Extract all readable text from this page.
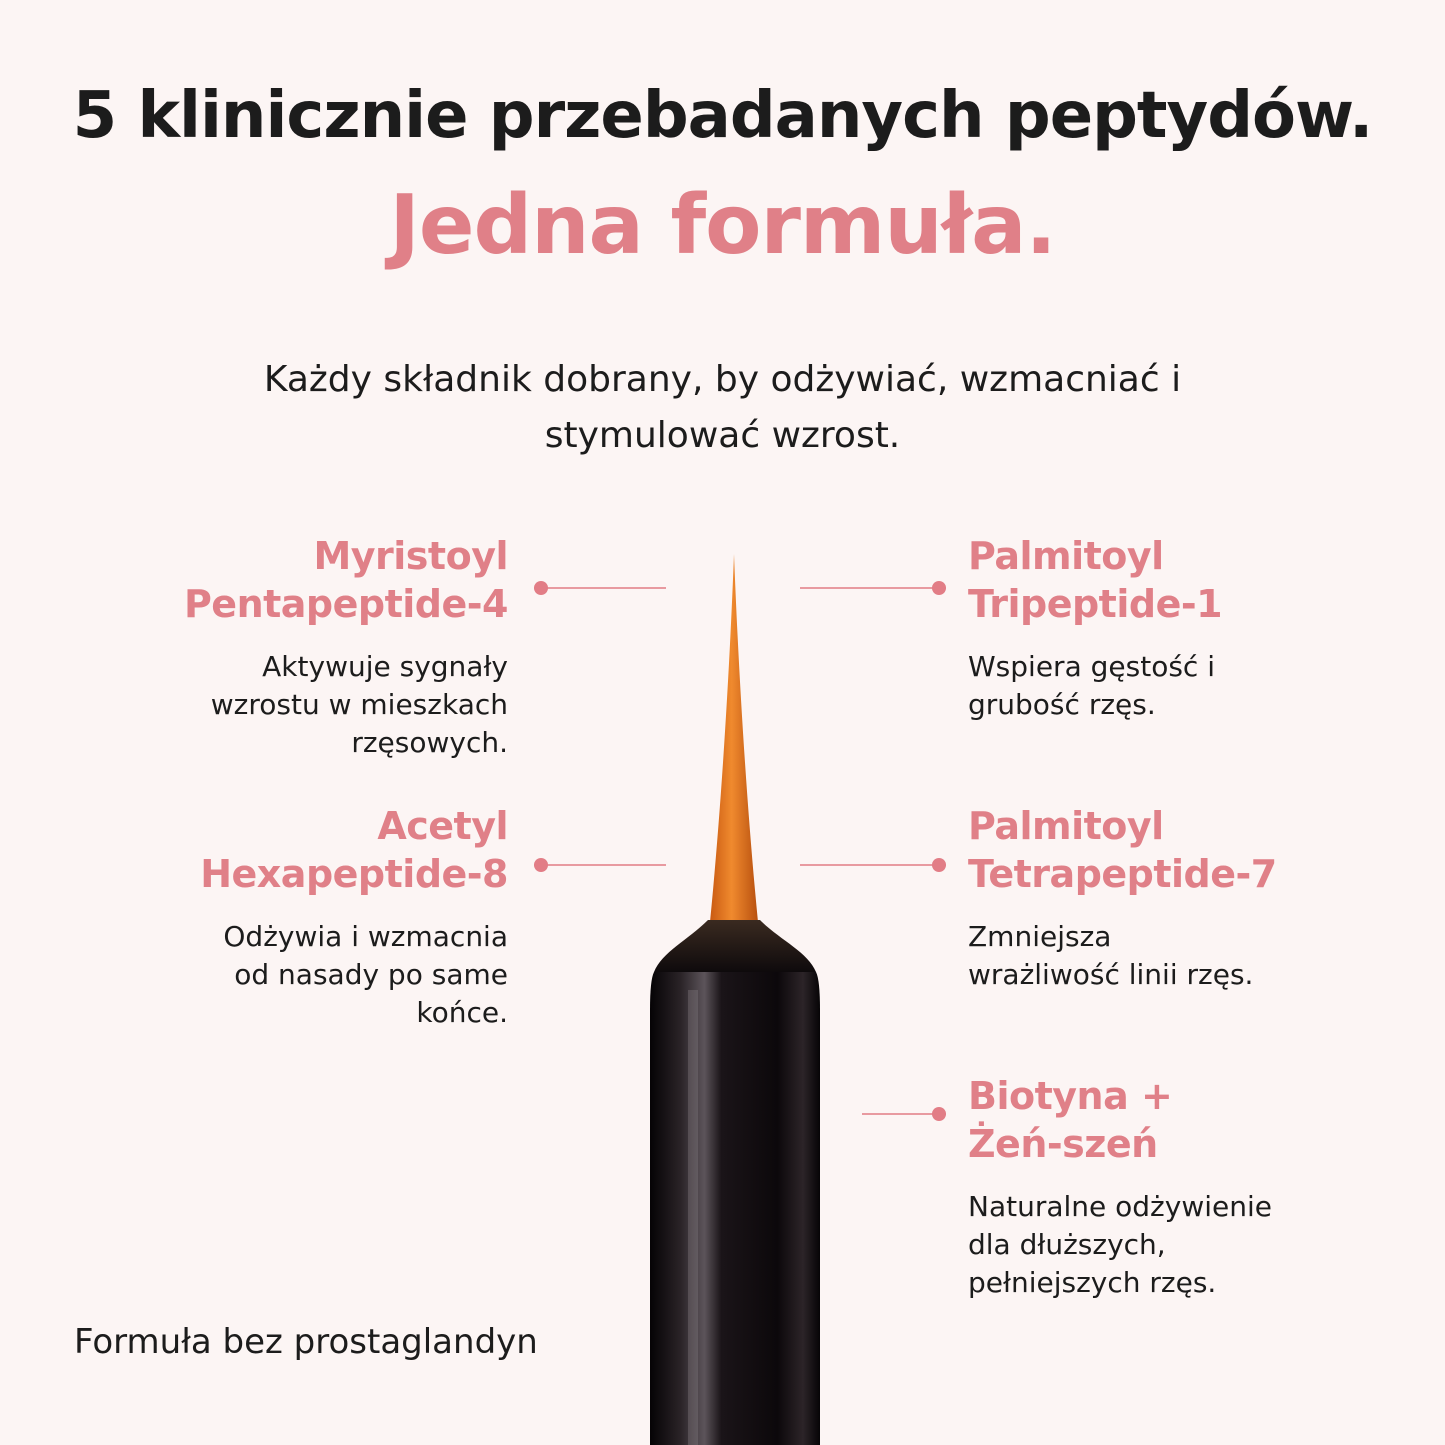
5 klinicznie przebadanych peptydów.
Jedna formuła.

Każdy składnik dobrany, by odżywiać, wzmacniać i
stymulować wzrost.

Myristoyl
Pentapeptide-4

Aktywuje sygnały
wzrostu w mieszkach
rzęsowych.

Palmitoyl
Tripeptide-1

Wspiera gęstość i
grubość rzęs.

Acetyl
Hexapeptide-8

Odżywia i wzmacnia
od nasady po same
końce.

Palmitoyl
Tetrapeptide-7

Zmniejsza
wrażliwość linii rzęs.

Biotyna +
Żeń-szeń

Naturalne odżywienie
dla dłuższych,
pełniejszych rzęs.

Formuła bez prostaglandyn
